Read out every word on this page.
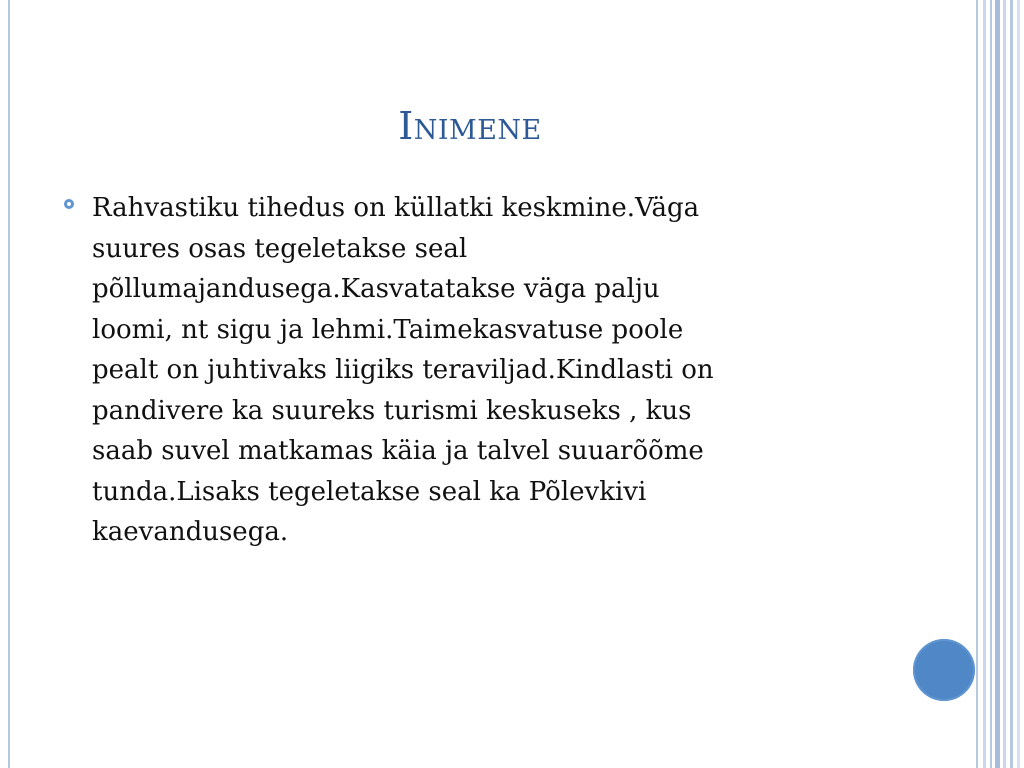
Inimene
Rahvastiku tihedus on küllatki keskmine.Väga
suures osas tegeletakse seal
põllumajandusega.Kasvatatakse väga palju
loomi, nt sigu ja lehmi.Taimekasvatuse poole
pealt on juhtivaks liigiks teraviljad.Kindlasti on
pandivere ka suureks turismi keskuseks , kus
saab suvel matkamas käia ja talvel suuarõõme
tunda.Lisaks tegeletakse seal ka Põlevkivi
kaevandusega.
